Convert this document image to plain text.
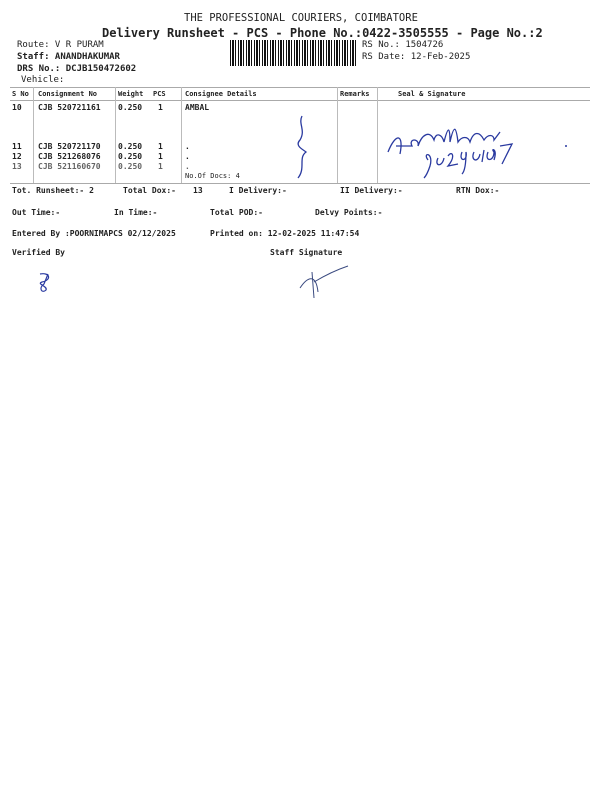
THE PROFESSIONAL COURIERS, COIMBATORE
Delivery Runsheet - PCS - Phone No.:0422-3505555 - Page No.:2
Route: V R PURAM
Staff: ANANDHAKUMAR
DRS No.: DCJB150472602
Vehicle:
RS No.: 1504726
RS Date: 12-Feb-2025
S No Consignment No	Weight PCS	Consignee Details	Remarks	Seal & Signature
10 CJB 520721161 0.250 1	AMBAL
11 CJB 520721170 0.250 1	.
12 CJB 521268076 0.250 1	.
13 CJB 521160670 0.250 1	.
No.Of Docs: 4
Tot. Runsheet:- 2	Total Dox:- 13	I Delivery:-	II Delivery:-	RTN Dox:-
Out Time:-	In Time:-	Total POD:-	Delvy Points:-
Entered By :POORNIMAPCS 02/12/2025	Printed on: 12-02-2025 11:47:54
Verified By	Staff Signature
